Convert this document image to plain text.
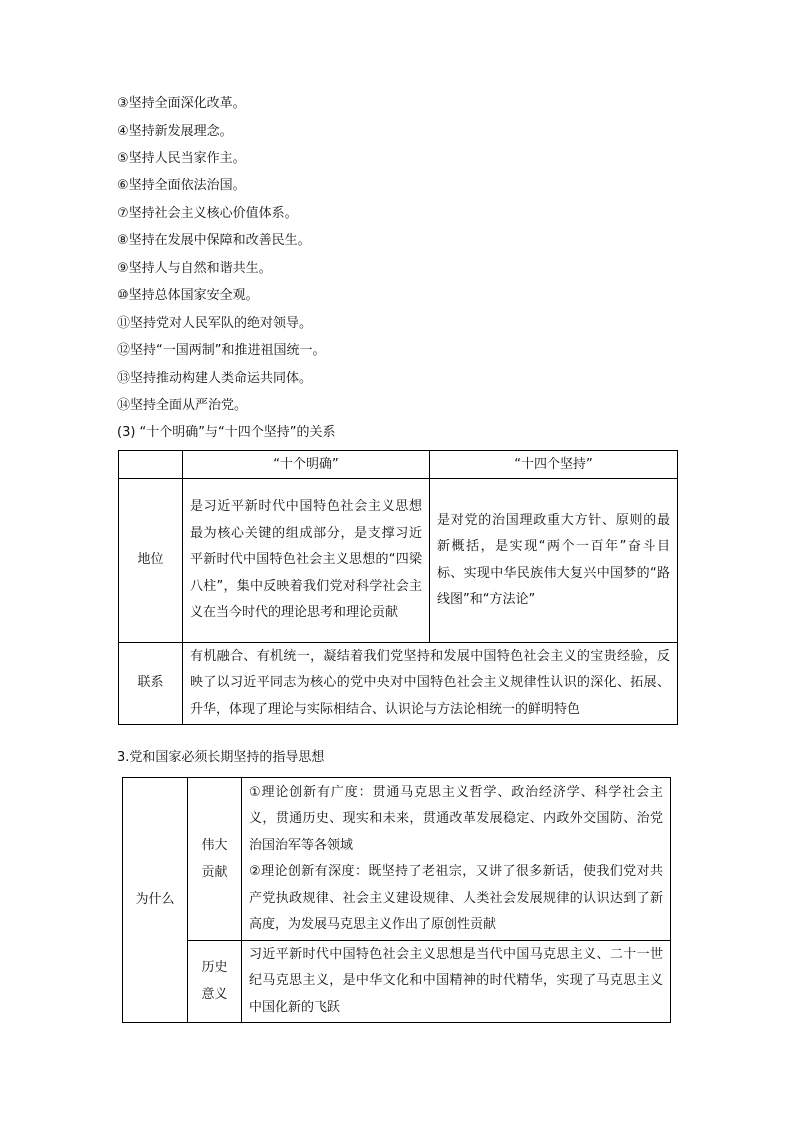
③坚持全面深化改革。
④坚持新发展理念。
⑤坚持人民当家作主。
⑥坚持全面依法治国。
⑦坚持社会主义核心价值体系。
⑧坚持在发展中保障和改善民生。
⑨坚持人与自然和谐共生。
⑩坚持总体国家安全观。
⑪坚持党对人民军队的绝对领导。
⑫坚持“一国两制”和推进祖国统一。
⑬坚持推动构建人类命运共同体。
⑭坚持全面从严治党。
(3) “十个明确”与“十四个坚持”的关系
	“十个明确”	“十四个坚持”
地位	是习近平新时代中国特色社会主义思想最为核心关键的组成部分，是支撑习近平新时代中国特色社会主义思想的“四梁八柱”，集中反映着我们党对科学社会主义在当今时代的理论思考和理论贡献	是对党的治国理政重大方针、原则的最新概括，是实现“两个一百年”奋斗目标、实现中华民族伟大复兴中国梦的“路线图”和“方法论”

联系	有机融合、有机统一，凝结着我们党坚持和发展中国特色社会主义的宝贵经验，反映了以习近平同志为核心的党中央对中国特色社会主义规律性认识的深化、拓展、升华，体现了理论与实际相结合、认识论与方法论相统一的鲜明特色	
3.党和国家必须长期坚持的指导思想
为什么	伟大贡献	①理论创新有广度：贯通马克思主义哲学、政治经济学、科学社会主义，贯通历史、现实和未来，贯通改革发展稳定、内政外交国防、治党治国治军等各领域
②理论创新有深度：既坚持了老祖宗，又讲了很多新话，使我们党对共产党执政规律、社会主义建设规律、人类社会发展规律的认识达到了新高度，为发展马克思主义作出了原创性贡献

	历史意义	习近平新时代中国特色社会主义思想是当代中国马克思主义、二十一世纪马克思主义，是中华文化和中国精神的时代精华，实现了马克思主义中国化新的飞跃
